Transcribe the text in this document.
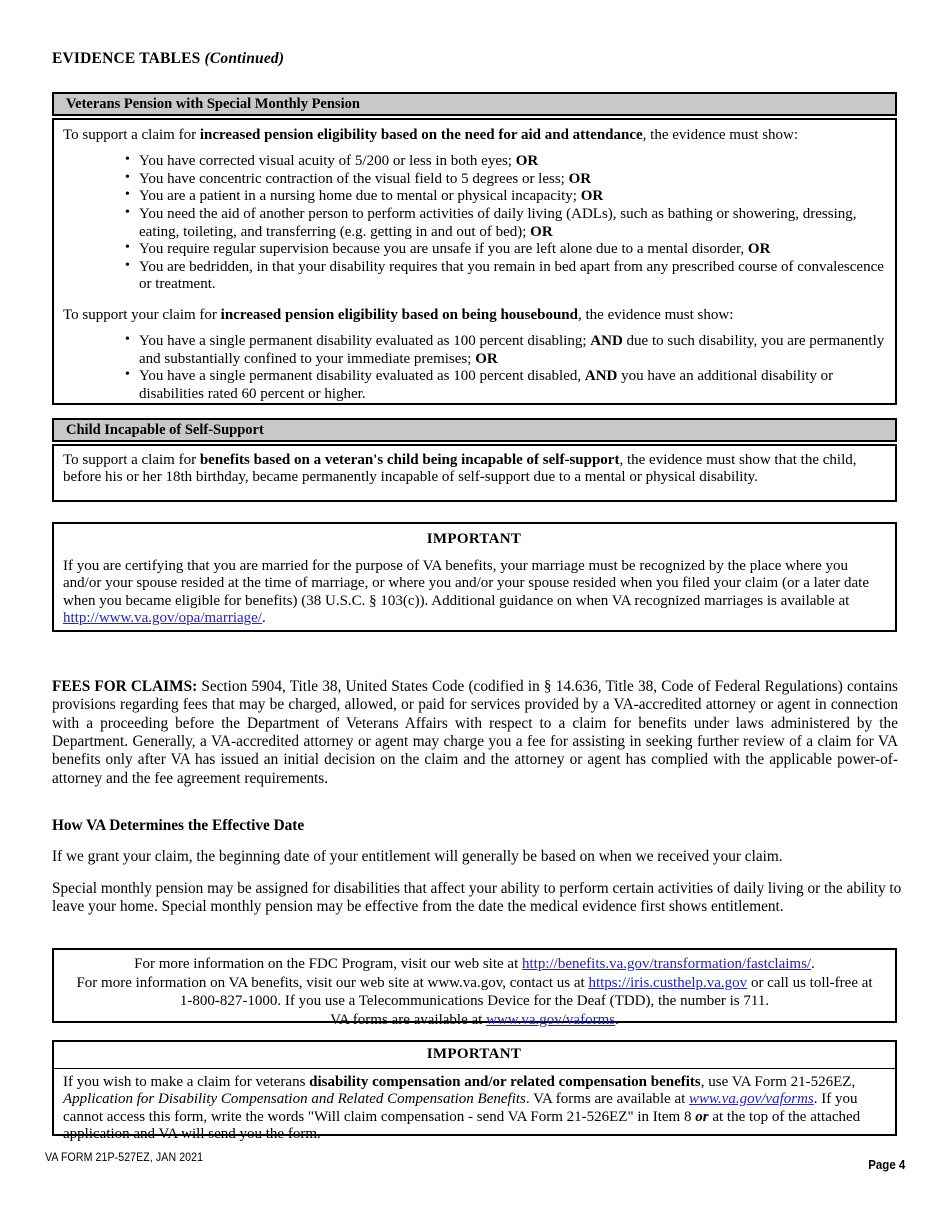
EVIDENCE TABLES (Continued)
Veterans Pension with Special Monthly Pension
To support a claim for increased pension eligibility based on the need for aid and attendance, the evidence must show:
• You have corrected visual acuity of 5/200 or less in both eyes; OR
• You have concentric contraction of the visual field to 5 degrees or less; OR
• You are a patient in a nursing home due to mental or physical incapacity; OR
• You need the aid of another person to perform activities of daily living (ADLs), such as bathing or showering, dressing, eating, toileting, and transferring (e.g. getting in and out of bed); OR
• You require regular supervision because you are unsafe if you are left alone due to a mental disorder, OR
• You are bedridden, in that your disability requires that you remain in bed apart from any prescribed course of convalescence or treatment.
To support your claim for increased pension eligibility based on being housebound, the evidence must show:
• You have a single permanent disability evaluated as 100 percent disabling; AND due to such disability, you are permanently and substantially confined to your immediate premises; OR
• You have a single permanent disability evaluated as 100 percent disabled, AND you have an additional disability or disabilities rated 60 percent or higher.
Child Incapable of Self-Support
To support a claim for benefits based on a veteran's child being incapable of self-support, the evidence must show that the child, before his or her 18th birthday, became permanently incapable of self-support due to a mental or physical disability.
IMPORTANT
If you are certifying that you are married for the purpose of VA benefits, your marriage must be recognized by the place where you and/or your spouse resided at the time of marriage, or where you and/or your spouse resided when you filed your claim (or a later date when you became eligible for benefits) (38 U.S.C. § 103(c)). Additional guidance on when VA recognized marriages is available at http://www.va.gov/opa/marriage/.
FEES FOR CLAIMS: Section 5904, Title 38, United States Code (codified in § 14.636, Title 38, Code of Federal Regulations) contains provisions regarding fees that may be charged, allowed, or paid for services provided by a VA-accredited attorney or agent in connection with a proceeding before the Department of Veterans Affairs with respect to a claim for benefits under laws administered by the Department. Generally, a VA-accredited attorney or agent may charge you a fee for assisting in seeking further review of a claim for VA benefits only after VA has issued an initial decision on the claim and the attorney or agent has complied with the applicable power-of-attorney and the fee agreement requirements.
How VA Determines the Effective Date
If we grant your claim, the beginning date of your entitlement will generally be based on when we received your claim.
Special monthly pension may be assigned for disabilities that affect your ability to perform certain activities of daily living or the ability to leave your home. Special monthly pension may be effective from the date the medical evidence first shows entitlement.
For more information on the FDC Program, visit our web site at http://benefits.va.gov/transformation/fastclaims/.
For more information on VA benefits, visit our web site at www.va.gov, contact us at https://iris.custhelp.va.gov or call us toll-free at
1-800-827-1000. If you use a Telecommunications Device for the Deaf (TDD), the number is 711.
VA forms are available at www.va.gov/vaforms.
IMPORTANT
If you wish to make a claim for veterans disability compensation and/or related compensation benefits, use VA Form 21-526EZ, Application for Disability Compensation and Related Compensation Benefits. VA forms are available at www.va.gov/vaforms. If you cannot access this form, write the words "Will claim compensation - send VA Form 21-526EZ" in Item 8 or at the top of the attached application and VA will send you the form.
VA FORM 21P-527EZ, JAN 2021	Page 4
